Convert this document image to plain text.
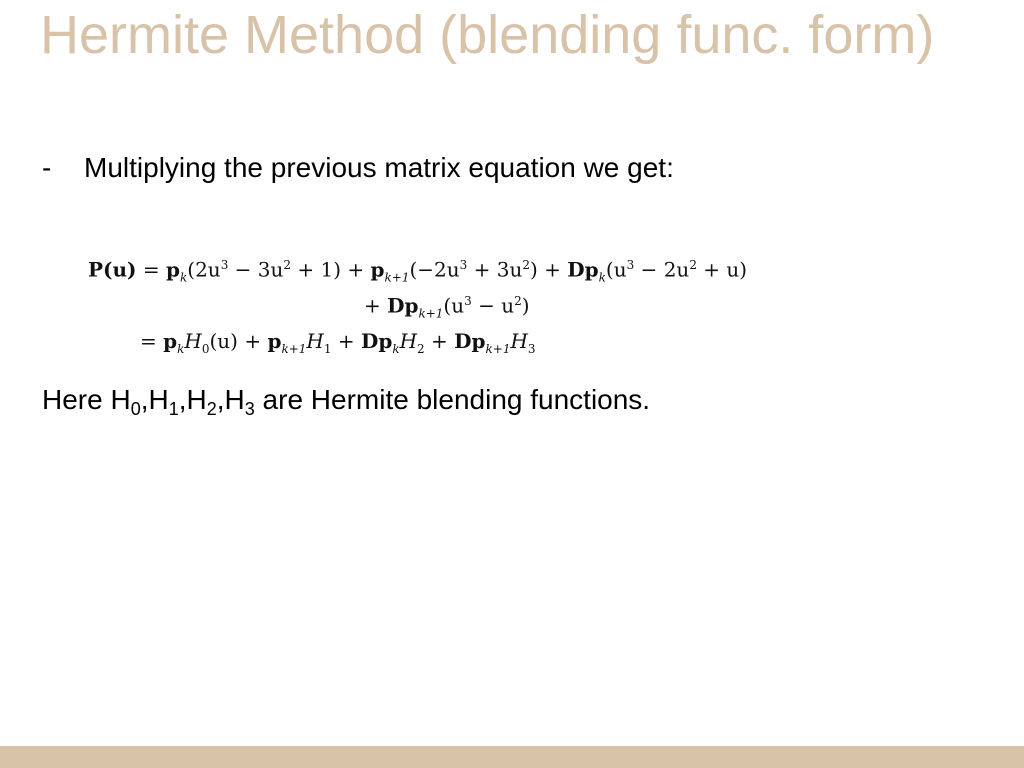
Hermite Method (blending func. form)
- Multiplying the previous matrix equation we get:
$P(u) = p_k(2u^3 - 3u^2 + 1) + p_{k+1}(-2u^3 + 3u^2) + Dp_k(u^3 - 2u^2 + u)$
+ $Dp_{k+1}(u^3 - u^2)$
= $p_kH_0(u) + p_{k+1}H_1 + Dp_kH_2 + Dp_{k+1}H_3$
Here $H_0,H_1,H_2,H_3$ are Hermite blending functions.
